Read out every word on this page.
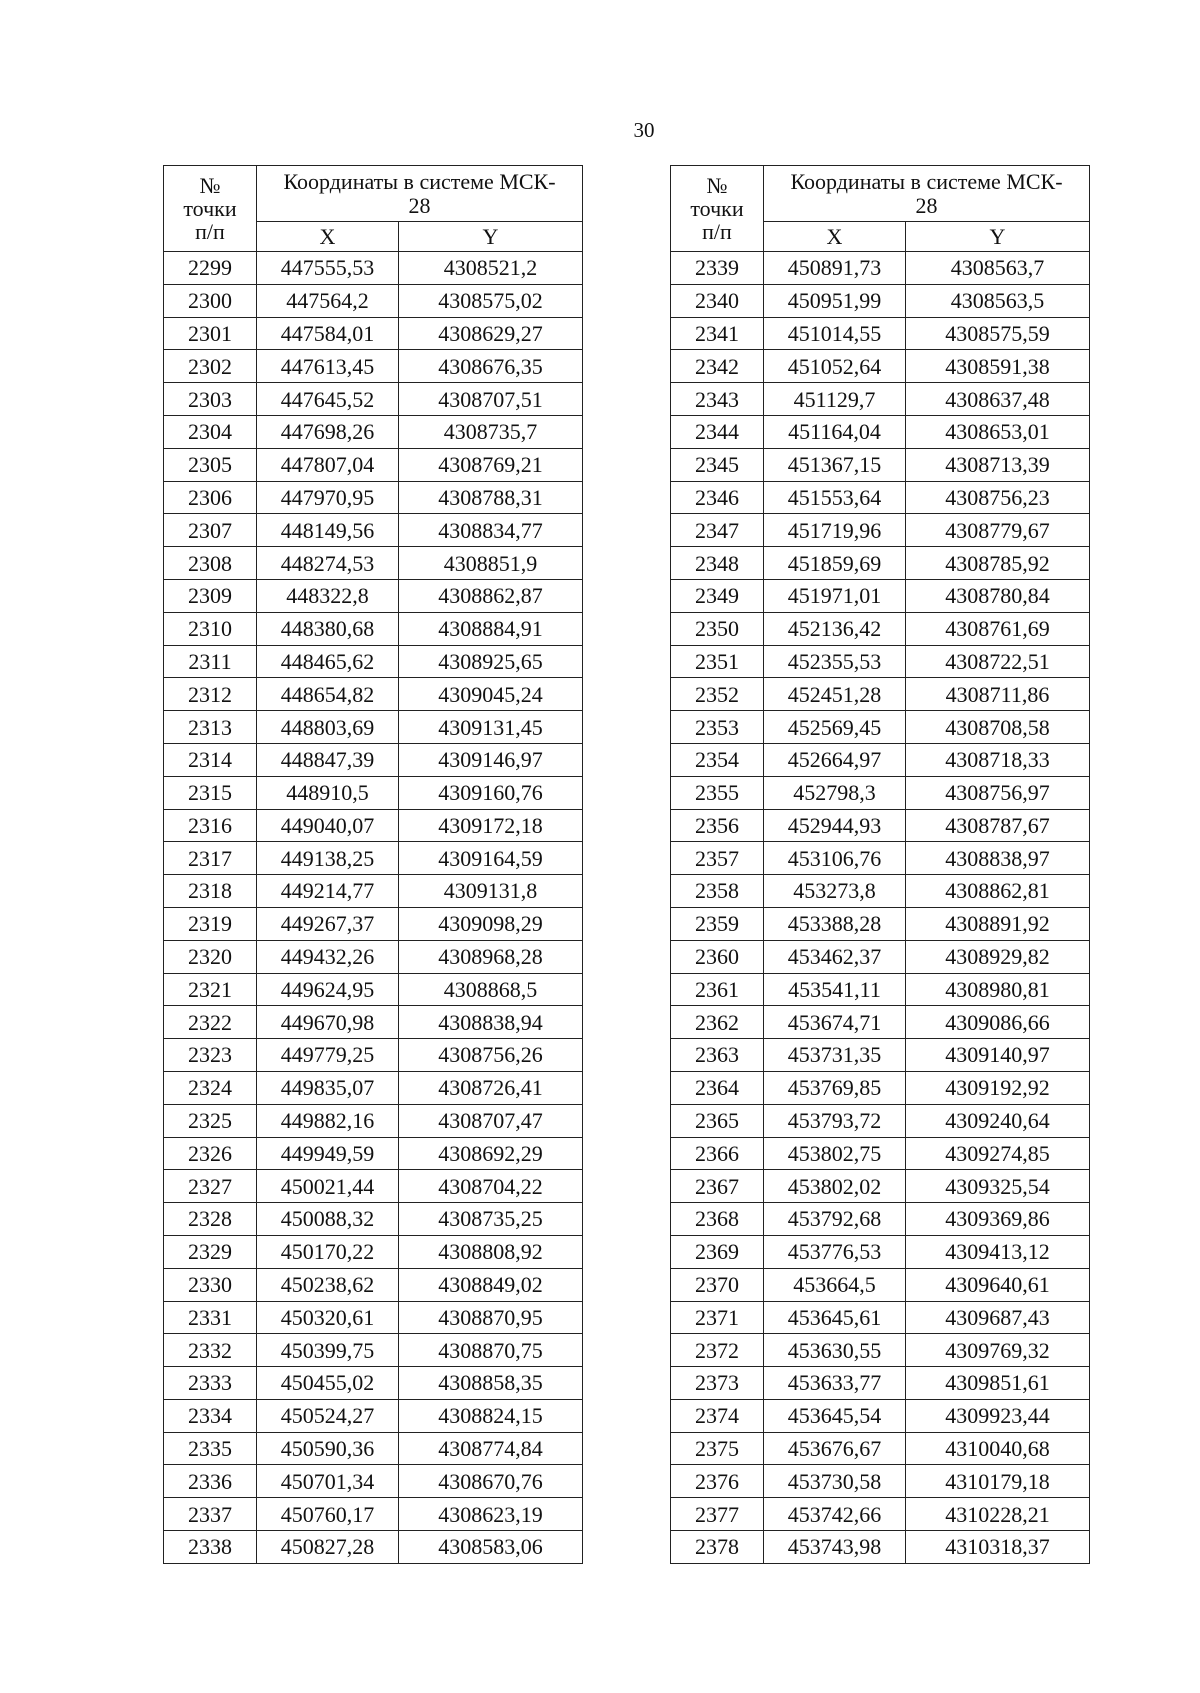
30
№
точки
п/п	Координаты в системе МСК-
28	

	X	Y
2299	447555,53	4308521,2
2300	447564,2	4308575,02
2301	447584,01	4308629,27
2302	447613,45	4308676,35
2303	447645,52	4308707,51
2304	447698,26	4308735,7
2305	447807,04	4308769,21
2306	447970,95	4308788,31
2307	448149,56	4308834,77
2308	448274,53	4308851,9
2309	448322,8	4308862,87
2310	448380,68	4308884,91
2311	448465,62	4308925,65
2312	448654,82	4309045,24
2313	448803,69	4309131,45
2314	448847,39	4309146,97
2315	448910,5	4309160,76
2316	449040,07	4309172,18
2317	449138,25	4309164,59
2318	449214,77	4309131,8
2319	449267,37	4309098,29
2320	449432,26	4308968,28
2321	449624,95	4308868,5
2322	449670,98	4308838,94
2323	449779,25	4308756,26
2324	449835,07	4308726,41
2325	449882,16	4308707,47
2326	449949,59	4308692,29
2327	450021,44	4308704,22
2328	450088,32	4308735,25
2329	450170,22	4308808,92
2330	450238,62	4308849,02
2331	450320,61	4308870,95
2332	450399,75	4308870,75
2333	450455,02	4308858,35
2334	450524,27	4308824,15
2335	450590,36	4308774,84
2336	450701,34	4308670,76
2337	450760,17	4308623,19
2338	450827,28	4308583,06
№
точки
п/п	Координаты в системе МСК-
28	

	X	Y
2339	450891,73	4308563,7
2340	450951,99	4308563,5
2341	451014,55	4308575,59
2342	451052,64	4308591,38
2343	451129,7	4308637,48
2344	451164,04	4308653,01
2345	451367,15	4308713,39
2346	451553,64	4308756,23
2347	451719,96	4308779,67
2348	451859,69	4308785,92
2349	451971,01	4308780,84
2350	452136,42	4308761,69
2351	452355,53	4308722,51
2352	452451,28	4308711,86
2353	452569,45	4308708,58
2354	452664,97	4308718,33
2355	452798,3	4308756,97
2356	452944,93	4308787,67
2357	453106,76	4308838,97
2358	453273,8	4308862,81
2359	453388,28	4308891,92
2360	453462,37	4308929,82
2361	453541,11	4308980,81
2362	453674,71	4309086,66
2363	453731,35	4309140,97
2364	453769,85	4309192,92
2365	453793,72	4309240,64
2366	453802,75	4309274,85
2367	453802,02	4309325,54
2368	453792,68	4309369,86
2369	453776,53	4309413,12
2370	453664,5	4309640,61
2371	453645,61	4309687,43
2372	453630,55	4309769,32
2373	453633,77	4309851,61
2374	453645,54	4309923,44
2375	453676,67	4310040,68
2376	453730,58	4310179,18
2377	453742,66	4310228,21
2378	453743,98	4310318,37
